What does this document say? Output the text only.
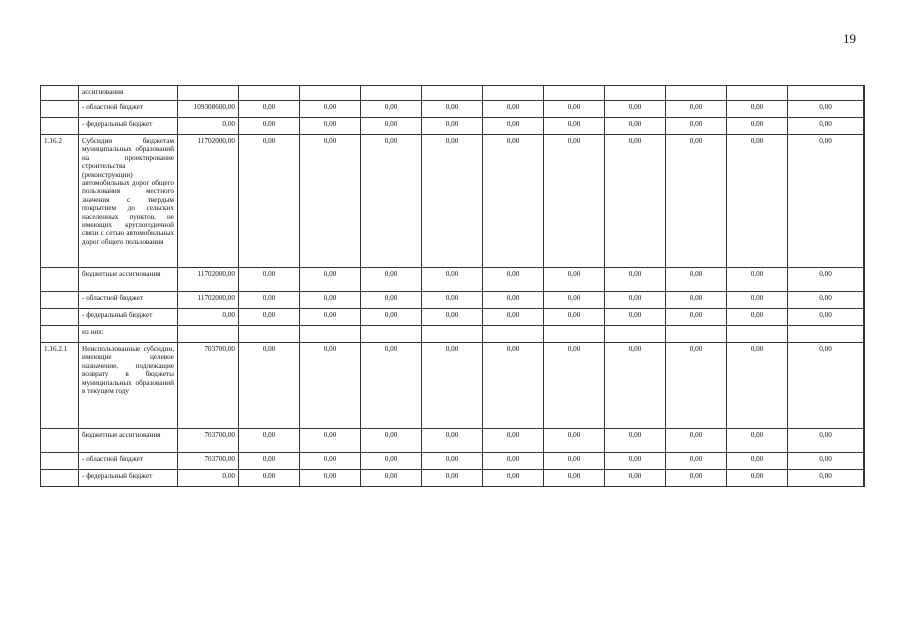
19
	ассигнования												
	- областной бюджет	109308600,00	0,00	0,00	0,00	0,00	0,00	0,00	0,00	0,00	0,00	0,00	
	- федеральный бюджет	0,00	0,00	0,00	0,00	0,00	0,00	0,00	0,00	0,00	0,00	0,00	
1.16.2	Субсидии бюджетам муниципальных образований на проектирование строительства (реконструкции) автомобильных дорог общего пользования местного значения с твердым покрытием до сельских населенных пунктов, не имеющих круглогодичной связи с сетью автомобильных дорог общего пользования	11702000,00	0,00	0,00	0,00	0,00	0,00	0,00	0,00	0,00	0,00	0,00	
	бюджетные ассигнования	11702000,00	0,00	0,00	0,00	0,00	0,00	0,00	0,00	0,00	0,00	0,00	
	- областной бюджет	11702000,00	0,00	0,00	0,00	0,00	0,00	0,00	0,00	0,00	0,00	0,00	
	- федеральный бюджет	0,00	0,00	0,00	0,00	0,00	0,00	0,00	0,00	0,00	0,00	0,00	
	из них:												
1.16.2.1	Неиспользованные субсидии, имеющие целевое назначение, подлежащие возврату в бюджеты муниципальных образований в текущем году	703700,00	0,00	0,00	0,00	0,00	0,00	0,00	0,00	0,00	0,00	0,00	
	бюджетные ассигнования	703700,00	0,00	0,00	0,00	0,00	0,00	0,00	0,00	0,00	0,00	0,00	
	- областной бюджет	703700,00	0,00	0,00	0,00	0,00	0,00	0,00	0,00	0,00	0,00	0,00	
	- федеральный бюджет	0,00	0,00	0,00	0,00	0,00	0,00	0,00	0,00	0,00	0,00	0,00	
